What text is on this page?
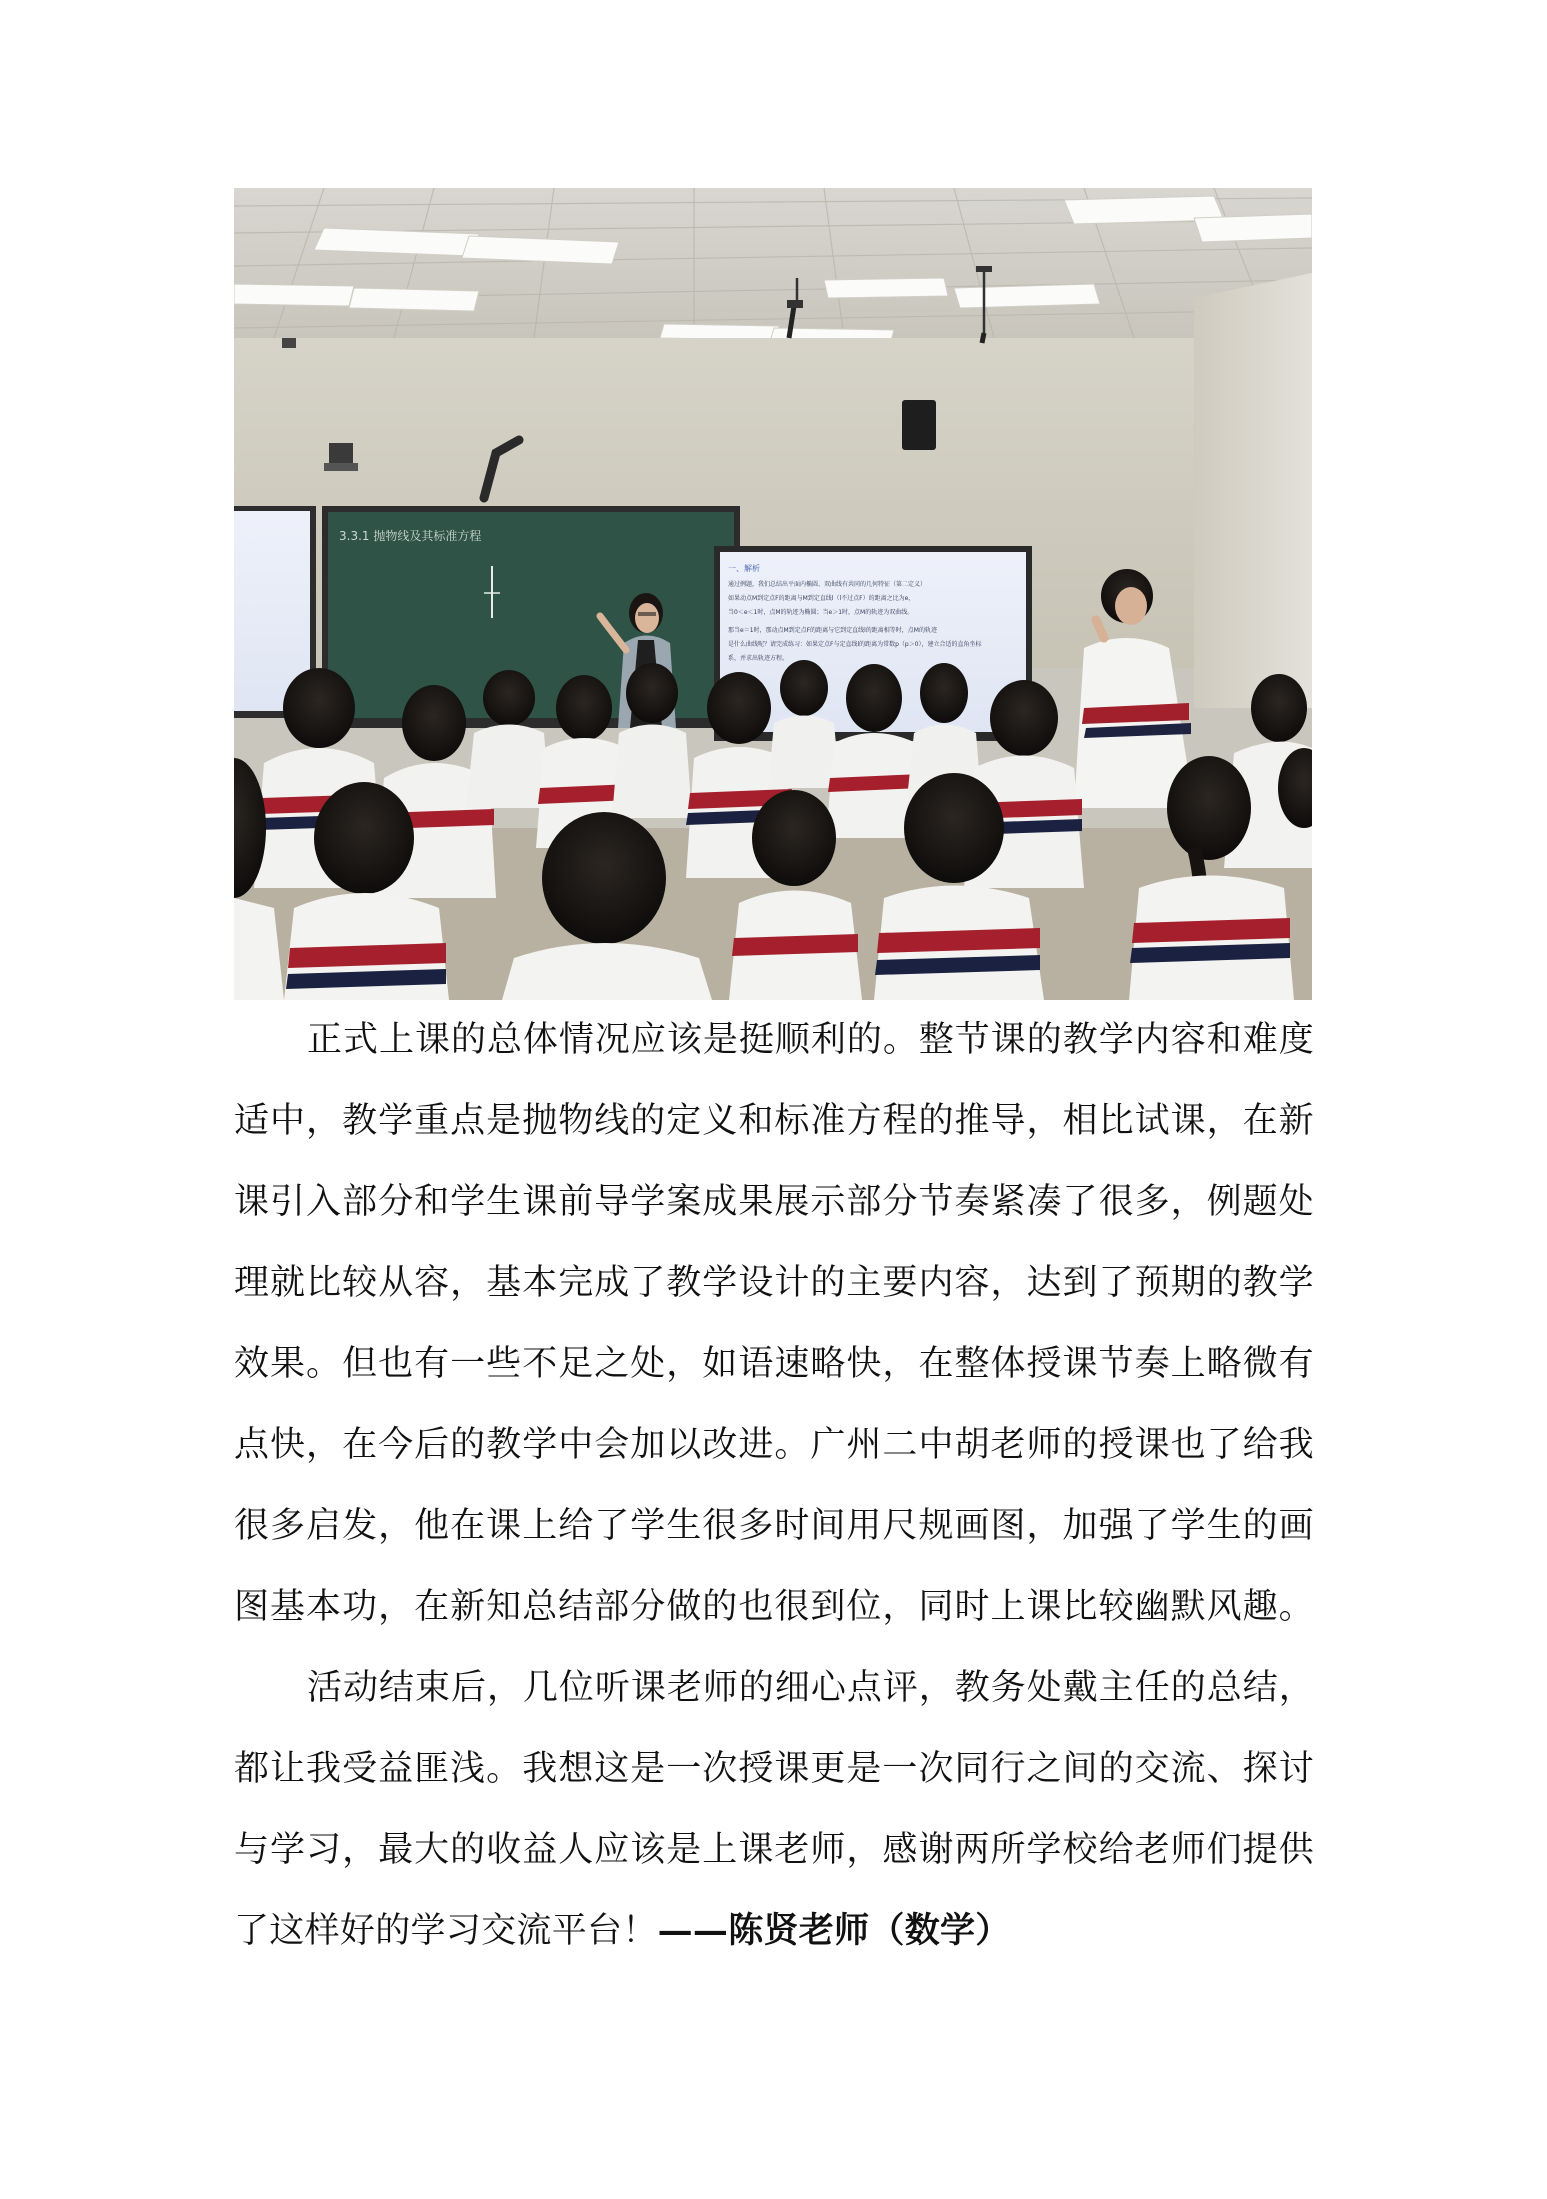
3.3.1 抛物线及其标准方程
一、解析
通过例题，我们总结出平面内椭圆、双曲线有共同的几何特征（第二定义）
如果动点M到定点F的距离与M到定直线l（l不过点F）的距离之比为e，
当0＜e＜1时，点M的轨迹为椭圆；当e＞1时，点M的轨迹为双曲线。
那当e＝1时，那动点M到定点F的距离与它到定直线l的距离相等时，点M的轨迹
是什么曲线呢？请完成练习：如果定点F与定直线l的距离为常数p（p＞0），建立合适的直角坐标
系，并求出轨迹方程。
正式上课的总体情况应该是挺顺利的。整节课的教学内容和难度
适中，教学重点是抛物线的定义和标准方程的推导，相比试课，在新
课引入部分和学生课前导学案成果展示部分节奏紧凑了很多，例题处
理就比较从容，基本完成了教学设计的主要内容，达到了预期的教学
效果。但也有一些不足之处，如语速略快，在整体授课节奏上略微有
点快，在今后的教学中会加以改进。广州二中胡老师的授课也了给我
很多启发，他在课上给了学生很多时间用尺规画图，加强了学生的画
图基本功，在新知总结部分做的也很到位，同时上课比较幽默风趣。
活动结束后，几位听课老师的细心点评，教务处戴主任的总结，
都让我受益匪浅。我想这是一次授课更是一次同行之间的交流、探讨
与学习，最大的收益人应该是上课老师，感谢两所学校给老师们提供
了这样好的学习交流平台！——陈贤老师（数学）
